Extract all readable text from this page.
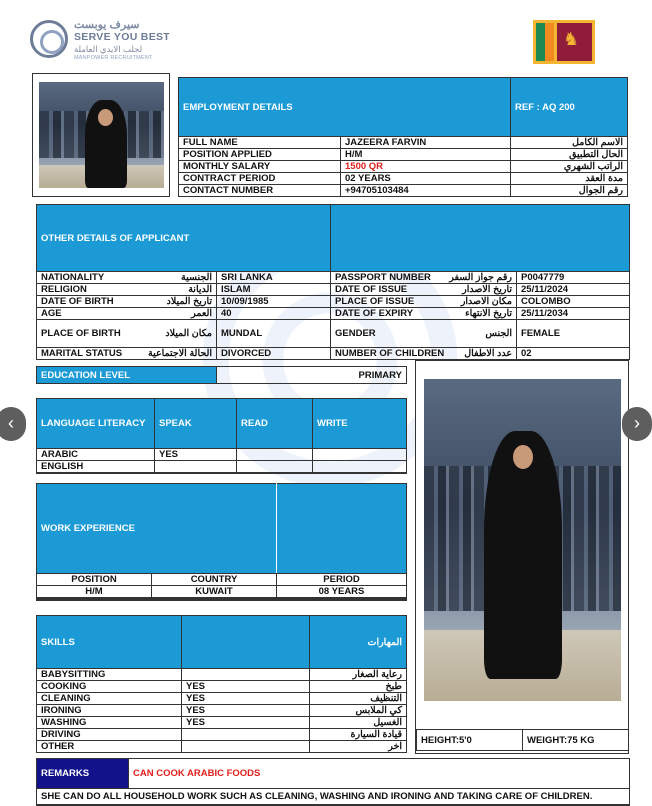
سيرف يوبست
SERVE YOU BEST
لجلب الايدي العاملة
MANPOWER RECRUITMENT
♞
EMPLOYMENT DETAILS		REF : AQ 200
FULL NAME	JAZEERA FARVIN	الاسم الكامل
POSITION APPLIED	H/M	الحال التطبيق
MONTHLY SALARY	1500 QR	الراتب الشهري
CONTRACT PERIOD	02 YEARS	مدة العقد
CONTACT NUMBER	+94705103484	رقم الجوال
OTHER DETAILS OF APPLICANT					
NATIONALITY	الجنسية	SRI LANKA	PASSPORT NUMBER	رقم جواز السفر	P0047779
RELIGION	الديانة	ISLAM	DATE OF ISSUE	تاريخ الاصدار	25/11/2024
DATE OF BIRTH	تاريخ الميلاد	10/09/1985	PLACE OF ISSUE	مكان الاصدار	COLOMBO
AGE	العمر	40	DATE OF EXPIRY	تاريخ الانتهاء	25/11/2034
PLACE OF BIRTH	مكان الميلاد	MUNDAL	GENDER	الجنس	FEMALE
MARITAL STATUS	الحالة الاجتماعية	DIVORCED	NUMBER OF CHILDREN	عدد الاطفال	02
EDUCATION LEVEL	PRIMARY
LANGUAGE LITERACY	SPEAK	READ	WRITE
ARABIC	YES		
ENGLISH			

WORK EXPERIENCE		
POSITION	COUNTRY	PERIOD
H/M	KUWAIT	08 YEARS

SKILLS		المهارات
BABYSITTING		رعاية الصغار
COOKING	YES	طبخ
CLEANING	YES	التنظيف
IRONING	YES	كي الملابس
WASHING	YES	الغسيل
DRIVING		قيادة السيارة
OTHER		اخر
HEIGHT:5'0	WEIGHT:75 KG
REMARKS	CAN COOK ARABIC FOODS
SHE CAN DO ALL HOUSEHOLD WORK SUCH AS CLEANING, WASHING AND IRONING AND TAKING CARE OF CHILDREN.

‹	›
